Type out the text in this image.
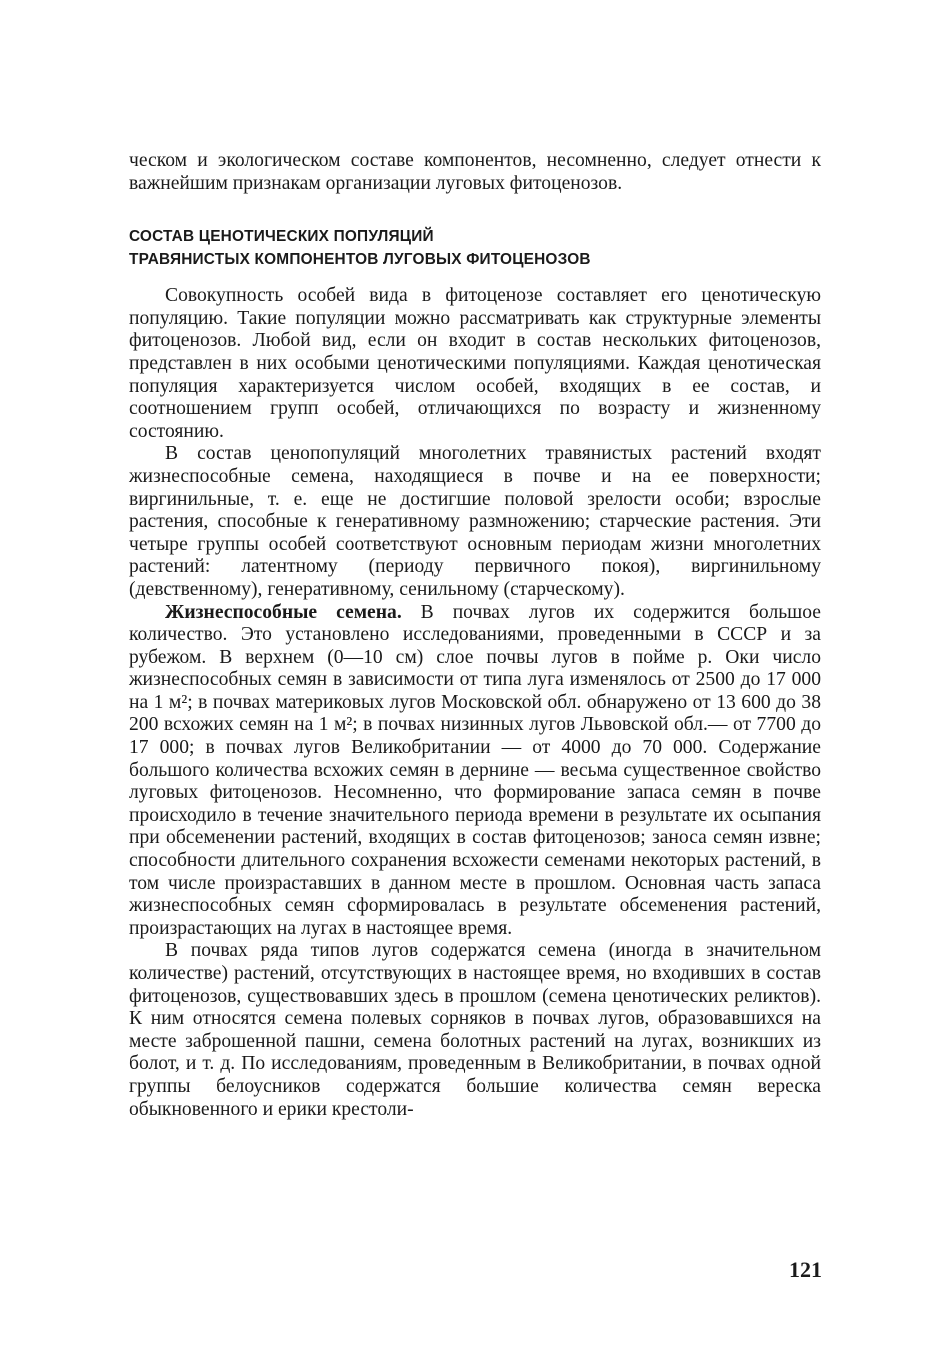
ческом и экологическом составе компонентов, несомненно, следует отнести к важнейшим признакам организации луговых фитоценозов.

СОСТАВ ЦЕНОТИЧЕСКИХ ПОПУЛЯЦИЙ
ТРАВЯНИСТЫХ КОМПОНЕНТОВ ЛУГОВЫХ ФИТОЦЕНОЗОВ

Совокупность особей вида в фитоценозе составляет его ценотическую популяцию. Такие популяции можно рассматривать как структурные элементы фитоценозов. Любой вид, если он входит в состав нескольких фитоценозов, представлен в них особыми ценотическими популяциями. Каждая ценотическая популяция характеризуется числом особей, входящих в ее состав, и соотношением групп особей, отличающихся по возрасту и жизненному состоянию.

В состав ценопопуляций многолетних травянистых растений входят жизнеспособные семена, находящиеся в почве и на ее поверхности; виргинильные, т. е. еще не достигшие половой зрелости особи; взрослые растения, способные к генеративному размножению; старческие растения. Эти четыре группы особей соответствуют основным периодам жизни многолетних растений: латентному (периоду первичного покоя), виргинильному (девственному), генеративному, сенильному (старческому).

Жизнеспособные семена. В почвах лугов их содержится большое количество. Это установлено исследованиями, проведенными в СССР и за рубежом. В верхнем (0—10 см) слое почвы лугов в пойме р. Оки число жизнеспособных семян в зависимости от типа луга изменялось от 2500 до 17 000 на 1 м²; в почвах материковых лугов Московской обл. обнаружено от 13 600 до 38 200 всхожих семян на 1 м²; в почвах низинных лугов Львовской обл.— от 7700 до 17 000; в почвах лугов Великобритании — от 4000 до 70 000. Содержание большого количества всхожих семян в дернине — весьма существенное свойство луговых фитоценозов. Несомненно, что формирование запаса семян в почве происходило в течение значительного периода времени в результате их осыпания при обсеменении растений, входящих в состав фитоценозов; заноса семян извне; способности длительного сохранения всхожести семенами некоторых растений, в том числе произраставших в данном месте в прошлом. Основная часть запаса жизнеспособных семян сформировалась в результате обсеменения растений, произрастающих на лугах в настоящее время.

В почвах ряда типов лугов содержатся семена (иногда в значительном количестве) растений, отсутствующих в настоящее время, но входивших в состав фитоценозов, существовавших здесь в прошлом (семена ценотических реликтов). К ним относятся семена полевых сорняков в почвах лугов, образовавшихся на месте заброшенной пашни, семена болотных растений на лугах, возникших из болот, и т. д. По исследованиям, проведенным в Великобритании, в почвах одной группы белоусников содержатся большие количества семян вереска обыкновенного и ерики крестоли-

121
